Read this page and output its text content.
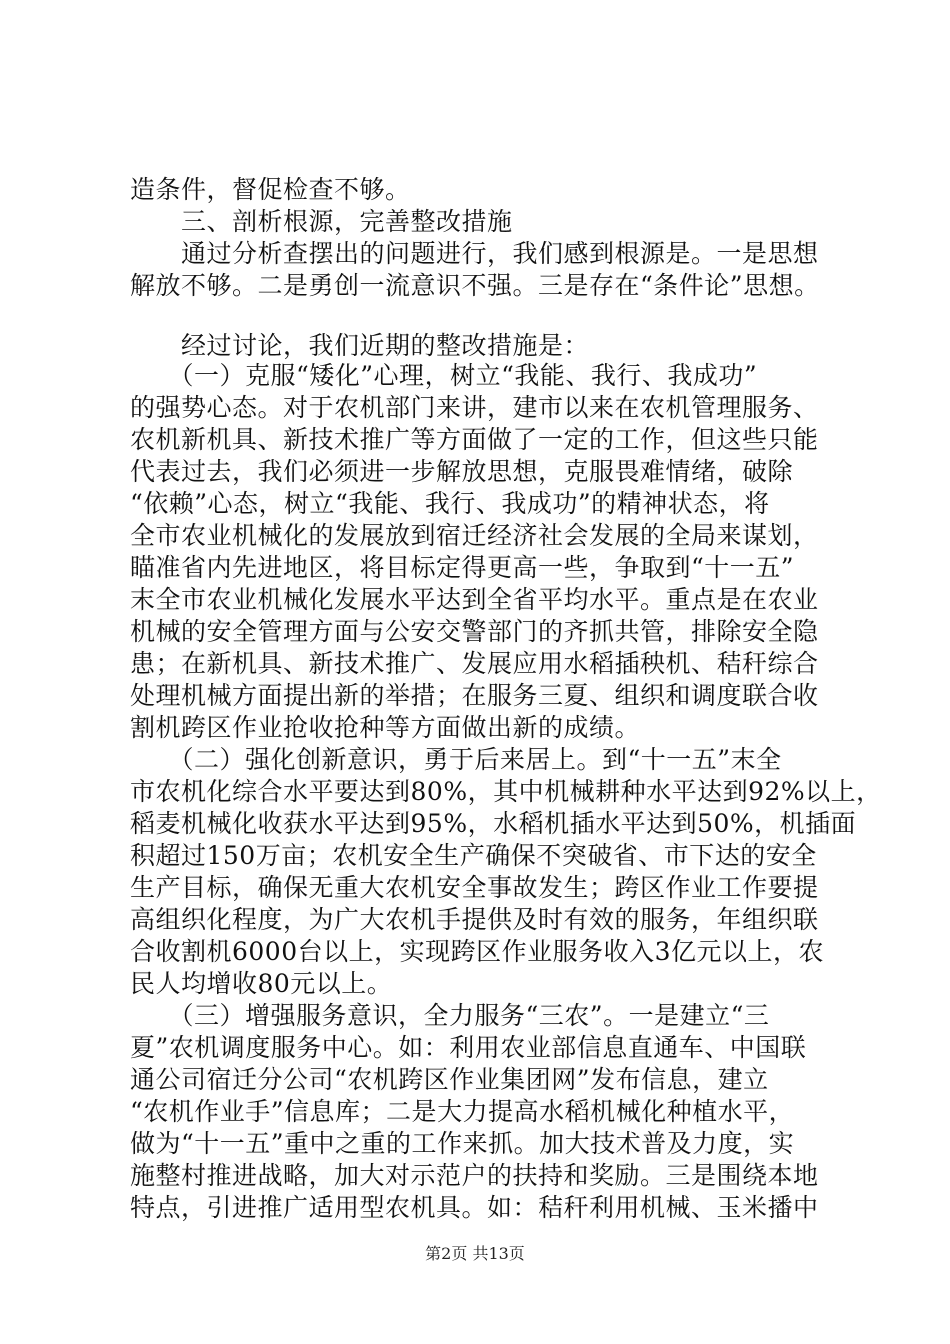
造条件，督促检查不够。
　　三、剖析根源，完善整改措施
　　通过分析查摆出的问题进行，我们感到根源是。一是思想
解放不够。二是勇创一流意识不强。三是存在“条件论”思想。
　　经过讨论，我们近期的整改措施是：
　　（一）克服“矮化”心理，树立“我能、我行、我成功”
的强势心态。对于农机部门来讲，建市以来在农机管理服务、
农机新机具、新技术推广等方面做了一定的工作，但这些只能
代表过去，我们必须进一步解放思想，克服畏难情绪，破除
“依赖”心态，树立“我能、我行、我成功”的精神状态，将
全市农业机械化的发展放到宿迁经济社会发展的全局来谋划，
瞄准省内先进地区，将目标定得更高一些，争取到“十一五”
末全市农业机械化发展水平达到全省平均水平。重点是在农业
机械的安全管理方面与公安交警部门的齐抓共管，排除安全隐
患；在新机具、新技术推广、发展应用水稻插秧机、秸秆综合
处理机械方面提出新的举措；在服务三夏、组织和调度联合收
割机跨区作业抢收抢种等方面做出新的成绩。
　　（二）强化创新意识，勇于后来居上。到“十一五”末全
市农机化综合水平要达到80%，其中机械耕种水平达到92%以上，
稻麦机械化收获水平达到95%，水稻机插水平达到50%，机插面
积超过150万亩；农机安全生产确保不突破省、市下达的安全
生产目标，确保无重大农机安全事故发生；跨区作业工作要提
高组织化程度，为广大农机手提供及时有效的服务，年组织联
合收割机6000台以上，实现跨区作业服务收入3亿元以上，农
民人均增收80元以上。
　　（三）增强服务意识，全力服务“三农”。一是建立“三
夏”农机调度服务中心。如：利用农业部信息直通车、中国联
通公司宿迁分公司“农机跨区作业集团网”发布信息，建立
“农机作业手”信息库；二是大力提高水稻机械化种植水平，
做为“十一五”重中之重的工作来抓。加大技术普及力度，实
施整村推进战略，加大对示范户的扶持和奖励。三是围绕本地
特点，引进推广适用型农机具。如：秸秆利用机械、玉米播中
第2页 共13页
